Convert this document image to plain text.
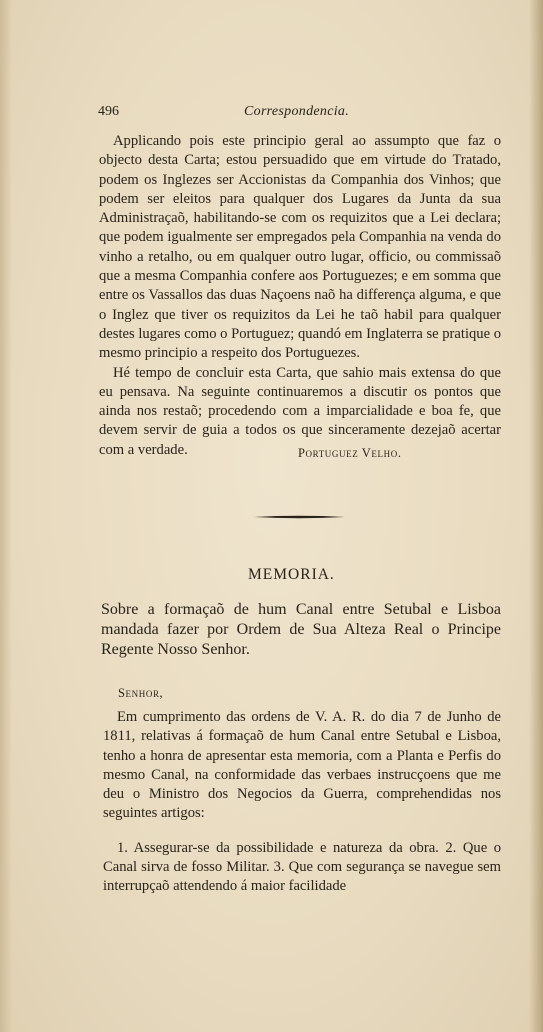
496	Correspondencia.

Applicando pois este principio geral ao assumpto que faz o objecto desta Carta; estou persuadido que em virtude do Tratado, podem os Inglezes ser Accionistas da Companhia dos Vinhos; que podem ser eleitos para qualquer dos Lugares da Junta da sua Administraçaõ, habilitando-se com os requizitos que a Lei declara; que podem igualmente ser empregados pela Companhia na venda do vinho a retalho, ou em qualquer outro lugar, officio, ou commissaõ que a mesma Companhia confere aos Portuguezes; e em somma que entre os Vassallos das duas Naçoens naõ ha differença alguma, e que o Inglez que tiver os requizitos da Lei he taõ habil para qualquer destes lugares como o Portuguez; quandó em Inglaterra se pratique o mesmo principio a respeito dos Portuguezes.

Hé tempo de concluir esta Carta, que sahio mais extensa do que eu pensava. Na seguinte continuaremos a discutir os pontos que ainda nos restaõ; procedendo com a imparcialidade e boa fe, que devem servir de guia a todos os que sinceramente dezejaõ acertar com a verdade.	Portuguez Velho.
MEMORIA.
Sobre a formaçaõ de hum Canal entre Setubal e Lisboa mandada fazer por Ordem de Sua Alteza Real o Principe Regente Nosso Senhor.
Senhor,

Em cumprimento das ordens de V. A. R. do dia 7 de Junho de 1811, relativas á formaçaõ de hum Canal entre Setubal e Lisboa, tenho a honra de apresentar esta memoria, com a Planta e Perfis do mesmo Canal, na conformidade das verbaes instrucçoens que me deu o Ministro dos Negocios da Guerra, comprehendidas nos seguintes artigos:

1. Assegurar-se da possibilidade e natureza da obra. 2. Que o Canal sirva de fosso Militar. 3. Que com segurança se navegue sem interrupçaõ attendendo á maior facilidade
